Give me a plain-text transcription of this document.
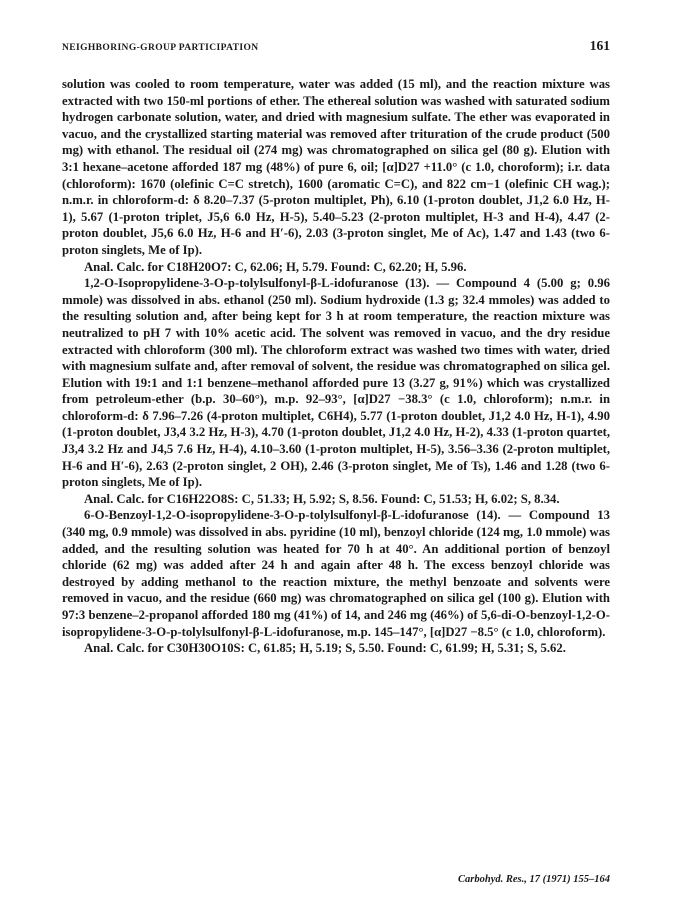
NEIGHBORING-GROUP PARTICIPATION	161

solution was cooled to room temperature, water was added (15 ml), and the reaction mixture was extracted with two 150-ml portions of ether. The ethereal solution was washed with saturated sodium hydrogen carbonate solution, water, and dried with magnesium sulfate. The ether was evaporated in vacuo, and the crystallized starting material was removed after trituration of the crude product (500 mg) with ethanol. The residual oil (274 mg) was chromatographed on silica gel (80 g). Elution with 3:1 hexane–acetone afforded 187 mg (48%) of pure 6, oil; [α]D27 +11.0° (c 1.0, choroform); i.r. data (chloroform): 1670 (olefinic C=C stretch), 1600 (aromatic C=C), and 822 cm−1 (olefinic CH wag.); n.m.r. in chloroform-d: δ 8.20–7.37 (5-proton multiplet, Ph), 6.10 (1-proton doublet, J1,2 6.0 Hz, H-1), 5.67 (1-proton triplet, J5,6 6.0 Hz, H-5), 5.40–5.23 (2-proton multiplet, H-3 and H-4), 4.47 (2-proton doublet, J5,6 6.0 Hz, H-6 and H′-6), 2.03 (3-proton singlet, Me of Ac), 1.47 and 1.43 (two 6-proton singlets, Me of Ip).

Anal. Calc. for C18H20O7: C, 62.06; H, 5.79. Found: C, 62.20; H, 5.96.

1,2-O-Isopropylidene-3-O-p-tolylsulfonyl-β-L-idofuranose (13). — Compound 4 (5.00 g; 0.96 mmole) was dissolved in abs. ethanol (250 ml). Sodium hydroxide (1.3 g; 32.4 mmoles) was added to the resulting solution and, after being kept for 3 h at room temperature, the reaction mixture was neutralized to pH 7 with 10% acetic acid. The solvent was removed in vacuo, and the dry residue extracted with chloroform (300 ml). The chloroform extract was washed two times with water, dried with magnesium sulfate and, after removal of solvent, the residue was chromatographed on silica gel. Elution with 19:1 and 1:1 benzene–methanol afforded pure 13 (3.27 g, 91%) which was crystallized from petroleum-ether (b.p. 30–60°), m.p. 92–93°, [α]D27 −38.3° (c 1.0, chloroform); n.m.r. in chloroform-d: δ 7.96–7.26 (4-proton multiplet, C6H4), 5.77 (1-proton doublet, J1,2 4.0 Hz, H-1), 4.90 (1-proton doublet, J3,4 3.2 Hz, H-3), 4.70 (1-proton doublet, J1,2 4.0 Hz, H-2), 4.33 (1-proton quartet, J3,4 3.2 Hz and J4,5 7.6 Hz, H-4), 4.10–3.60 (1-proton multiplet, H-5), 3.56–3.36 (2-proton multiplet, H-6 and H′-6), 2.63 (2-proton singlet, 2 OH), 2.46 (3-proton singlet, Me of Ts), 1.46 and 1.28 (two 6-proton singlets, Me of Ip).

Anal. Calc. for C16H22O8S: C, 51.33; H, 5.92; S, 8.56. Found: C, 51.53; H, 6.02; S, 8.34.

6-O-Benzoyl-1,2-O-isopropylidene-3-O-p-tolylsulfonyl-β-L-idofuranose (14). — Compound 13 (340 mg, 0.9 mmole) was dissolved in abs. pyridine (10 ml), benzoyl chloride (124 mg, 1.0 mmole) was added, and the resulting solution was heated for 70 h at 40°. An additional portion of benzoyl chloride (62 mg) was added after 24 h and again after 48 h. The excess benzoyl chloride was destroyed by adding methanol to the reaction mixture, the methyl benzoate and solvents were removed in vacuo, and the residue (660 mg) was chromatographed on silica gel (100 g). Elution with 97:3 benzene–2-propanol afforded 180 mg (41%) of 14, and 246 mg (46%) of 5,6-di-O-benzoyl-1,2-O-isopropylidene-3-O-p-tolylsulfonyl-β-L-idofuranose, m.p. 145–147°, [α]D27 −8.5° (c 1.0, chloroform).

Anal. Calc. for C30H30O10S: C, 61.85; H, 5.19; S, 5.50. Found: C, 61.99; H, 5.31; S, 5.62.

Carbohyd. Res., 17 (1971) 155–164
